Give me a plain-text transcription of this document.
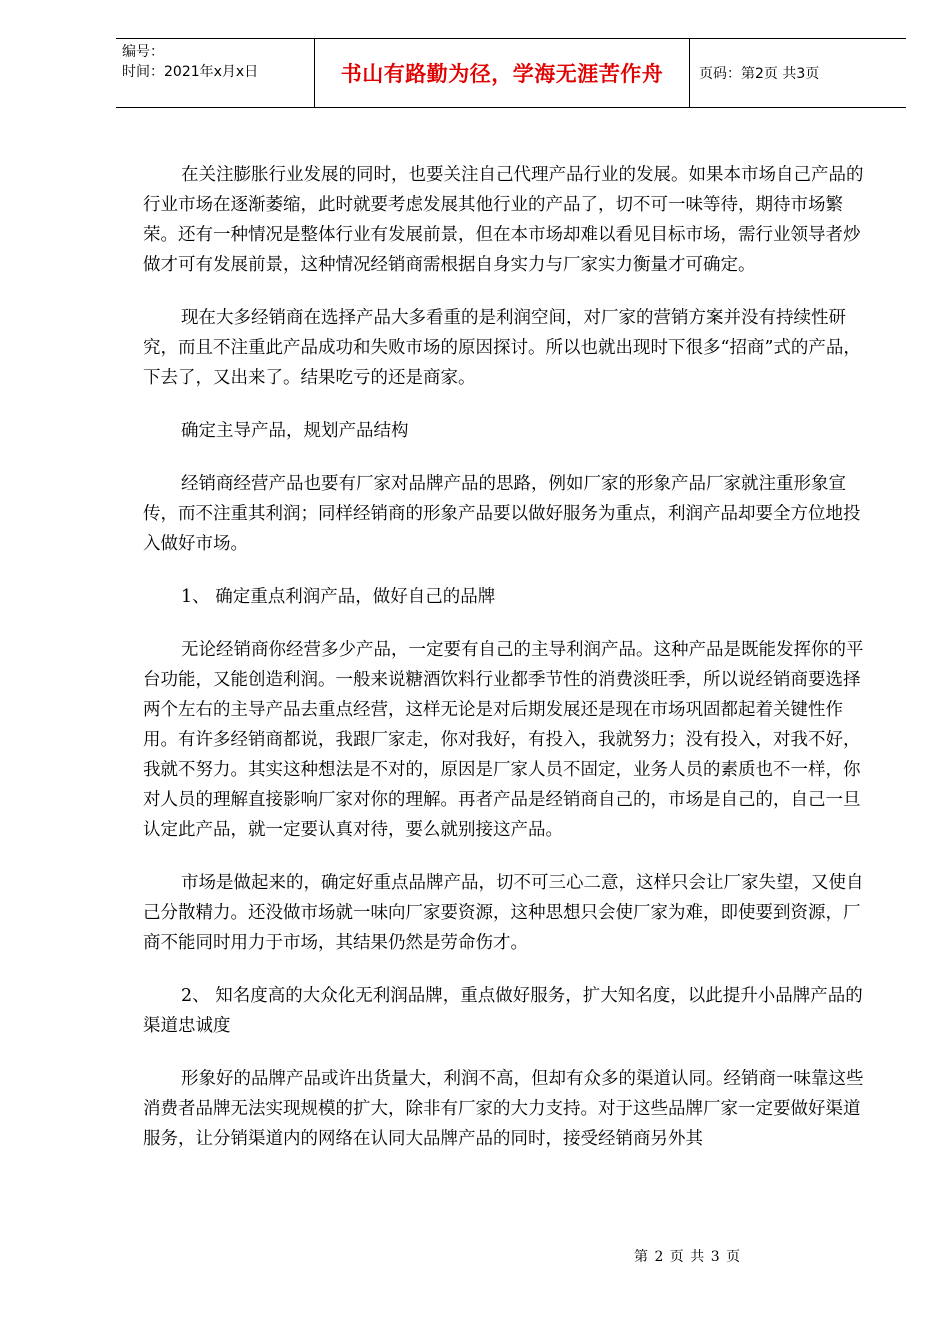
编号：
时间：2021年x月x日	书山有路勤为径，学海无涯苦作舟	页码：第2页 共3页

在关注膨胀行业发展的同时，也要关注自己代理产品行业的发展。如果本市场自己产品的行业市场在逐渐萎缩，此时就要考虑发展其他行业的产品了，切不可一味等待，期待市场繁荣。还有一种情况是整体行业有发展前景，但在本市场却难以看见目标市场，需行业领导者炒做才可有发展前景，这种情况经销商需根据自身实力与厂家实力衡量才可确定。

现在大多经销商在选择产品大多看重的是利润空间，对厂家的营销方案并没有持续性研究，而且不注重此产品成功和失败市场的原因探讨。所以也就出现时下很多“招商”式的产品，下去了，又出来了。结果吃亏的还是商家。

确定主导产品，规划产品结构

经销商经营产品也要有厂家对品牌产品的思路，例如厂家的形象产品厂家就注重形象宣传，而不注重其利润；同样经销商的形象产品要以做好服务为重点，利润产品却要全方位地投入做好市场。

1、 确定重点利润产品，做好自己的品牌

无论经销商你经营多少产品，一定要有自己的主导利润产品。这种产品是既能发挥你的平台功能，又能创造利润。一般来说糖酒饮料行业都季节性的消费淡旺季，所以说经销商要选择两个左右的主导产品去重点经营，这样无论是对后期发展还是现在市场巩固都起着关键性作用。有许多经销商都说，我跟厂家走，你对我好，有投入，我就努力；没有投入，对我不好，我就不努力。其实这种想法是不对的，原因是厂家人员不固定，业务人员的素质也不一样，你对人员的理解直接影响厂家对你的理解。再者产品是经销商自己的，市场是自己的，自己一旦认定此产品，就一定要认真对待，要么就别接这产品。

市场是做起来的，确定好重点品牌产品，切不可三心二意，这样只会让厂家失望，又使自己分散精力。还没做市场就一味向厂家要资源，这种思想只会使厂家为难，即使要到资源，厂商不能同时用力于市场，其结果仍然是劳命伤才。

2、 知名度高的大众化无利润品牌，重点做好服务，扩大知名度，以此提升小品牌产品的渠道忠诚度

形象好的品牌产品或许出货量大，利润不高，但却有众多的渠道认同。经销商一味靠这些消费者品牌无法实现规模的扩大，除非有厂家的大力支持。对于这些品牌厂家一定要做好渠道服务，让分销渠道内的网络在认同大品牌产品的同时，接受经销商另外其

第 2 页 共 3 页
